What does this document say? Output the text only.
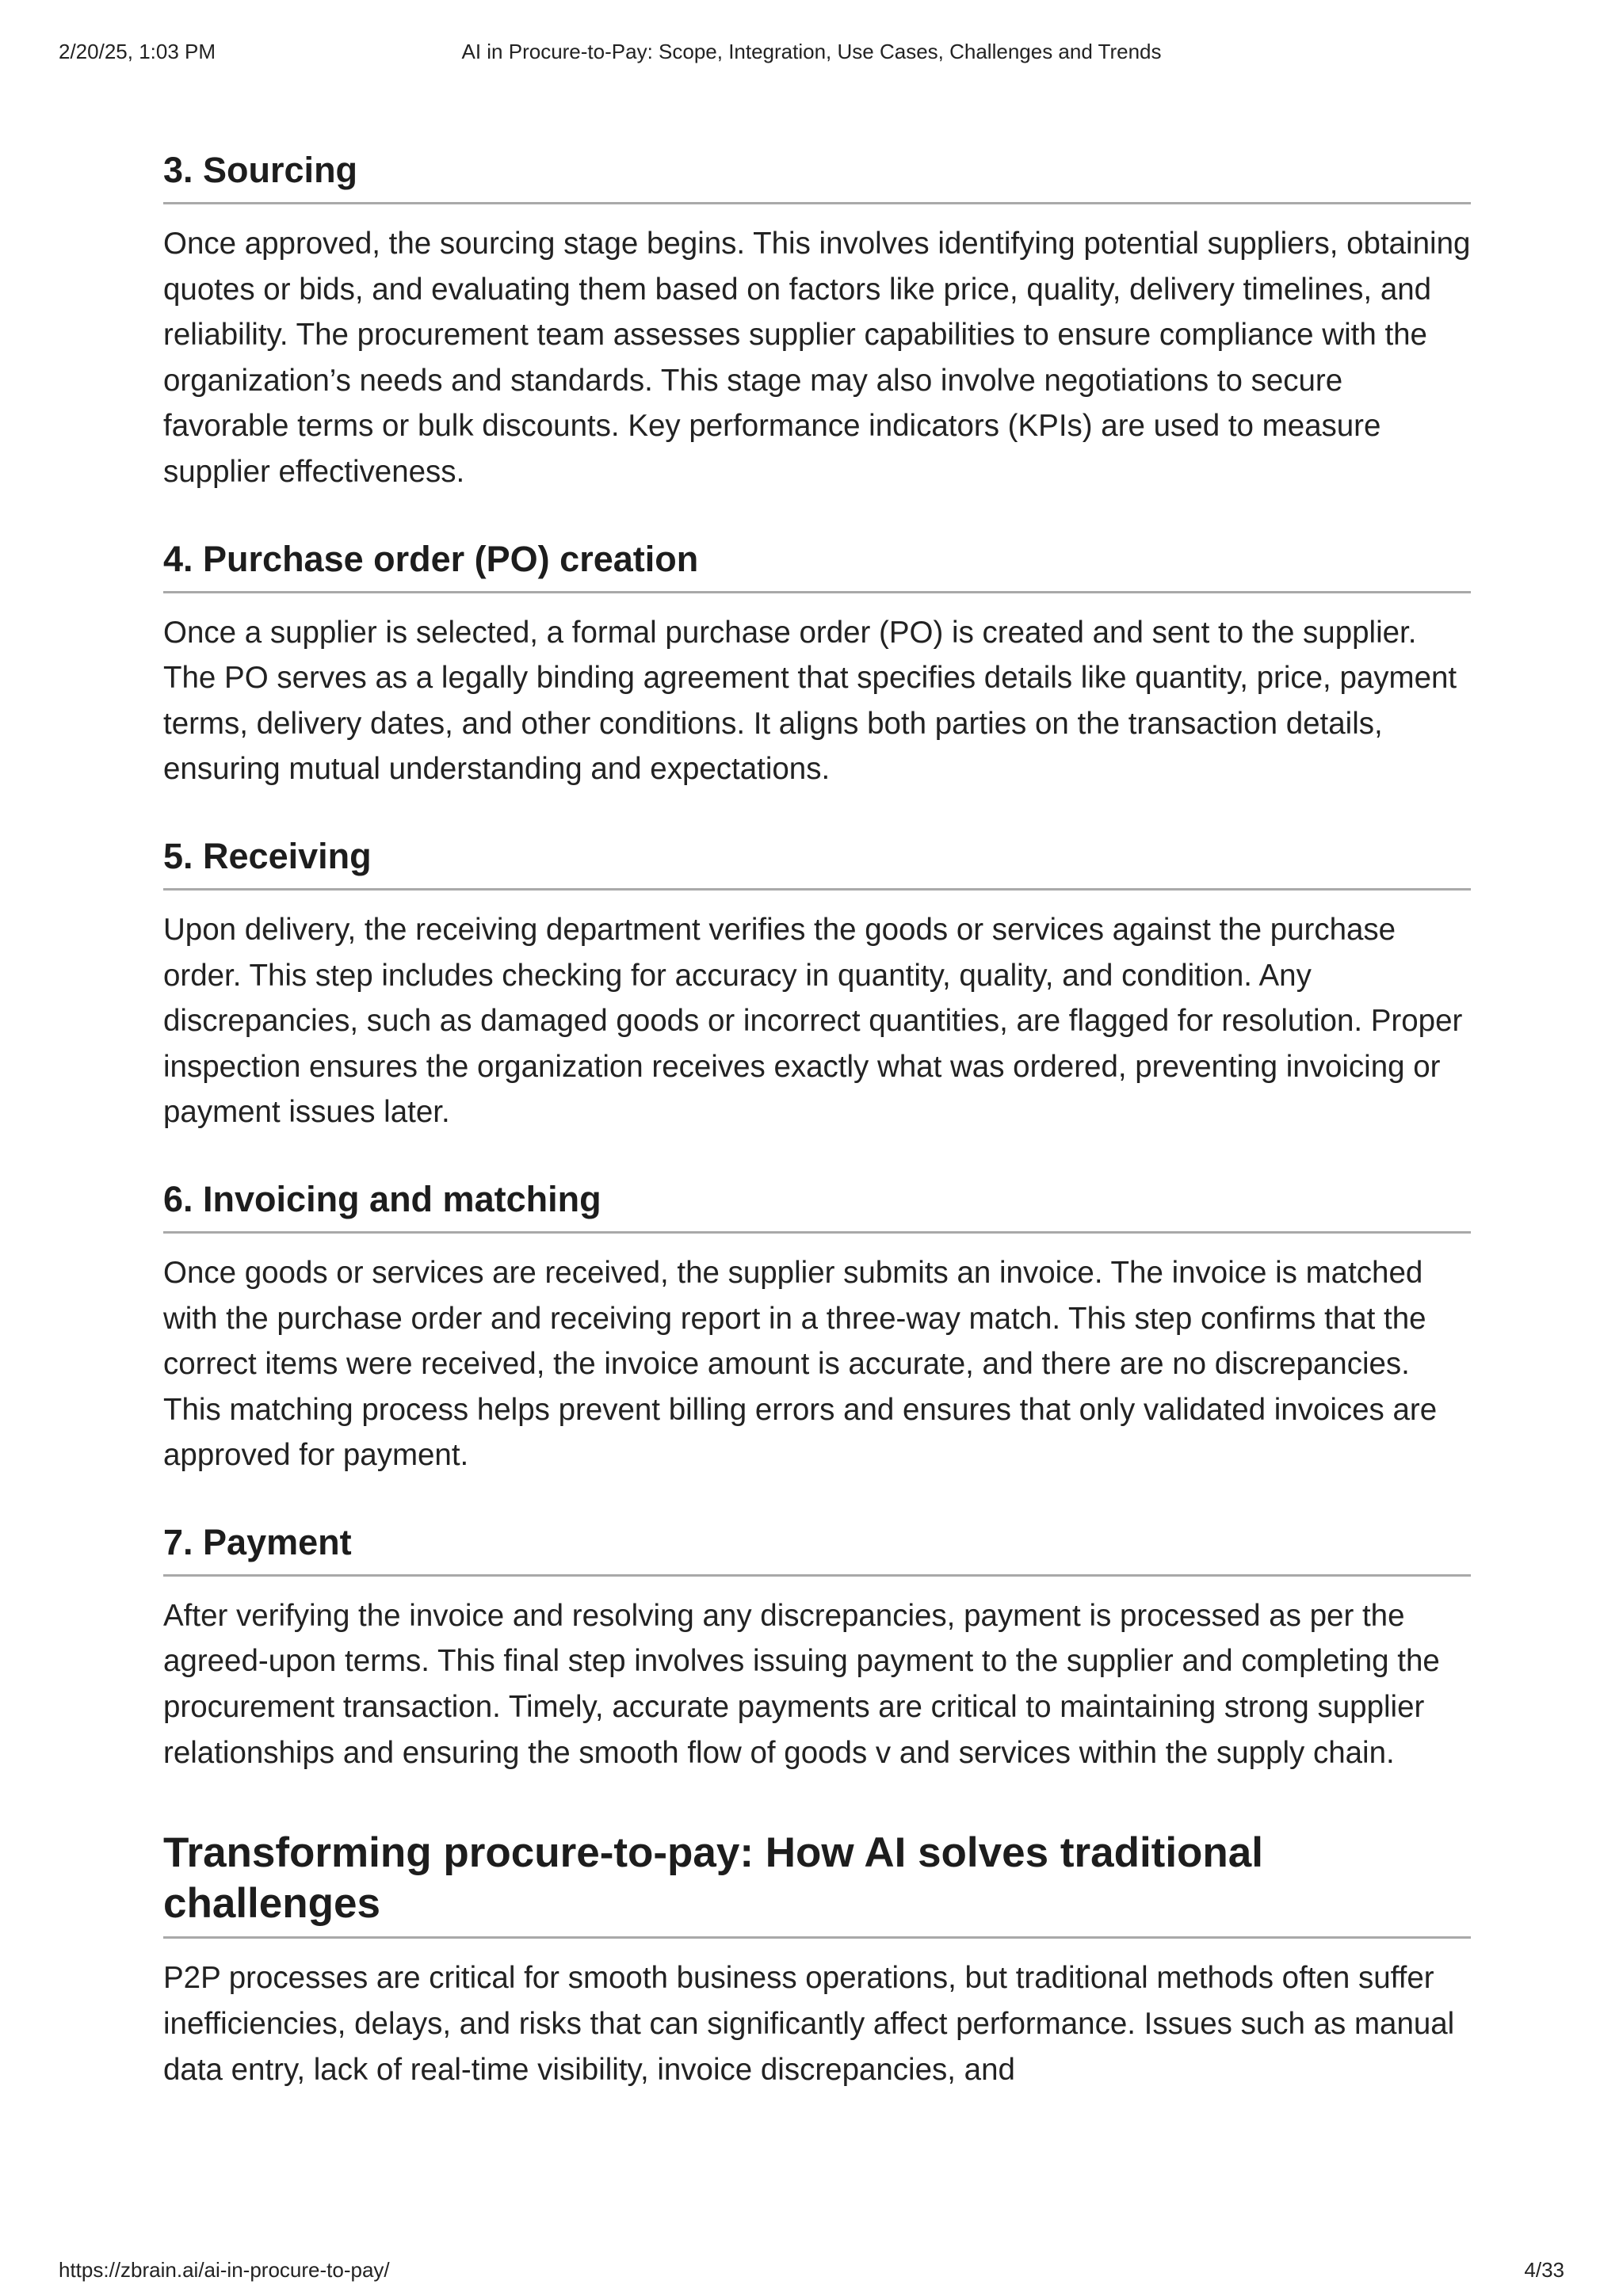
2/20/25, 1:03 PM	AI in Procure-to-Pay: Scope, Integration, Use Cases, Challenges and Trends
3. Sourcing

Once approved, the sourcing stage begins. This involves identifying potential suppliers, obtaining quotes or bids, and evaluating them based on factors like price, quality, delivery timelines, and reliability. The procurement team assesses supplier capabilities to ensure compliance with the organization’s needs and standards. This stage may also involve negotiations to secure favorable terms or bulk discounts. Key performance indicators (KPIs) are used to measure supplier effectiveness.

4. Purchase order (PO) creation

Once a supplier is selected, a formal purchase order (PO) is created and sent to the supplier. The PO serves as a legally binding agreement that specifies details like quantity, price, payment terms, delivery dates, and other conditions. It aligns both parties on the transaction details, ensuring mutual understanding and expectations.

5. Receiving

Upon delivery, the receiving department verifies the goods or services against the purchase order. This step includes checking for accuracy in quantity, quality, and condition. Any discrepancies, such as damaged goods or incorrect quantities, are flagged for resolution. Proper inspection ensures the organization receives exactly what was ordered, preventing invoicing or payment issues later.

6. Invoicing and matching

Once goods or services are received, the supplier submits an invoice. The invoice is matched with the purchase order and receiving report in a three-way match. This step confirms that the correct items were received, the invoice amount is accurate, and there are no discrepancies. This matching process helps prevent billing errors and ensures that only validated invoices are approved for payment.

7. Payment

After verifying the invoice and resolving any discrepancies, payment is processed as per the agreed-upon terms. This final step involves issuing payment to the supplier and completing the procurement transaction. Timely, accurate payments are critical to maintaining strong supplier relationships and ensuring the smooth flow of goods v and services within the supply chain.

Transforming procure-to-pay: How AI solves traditional challenges

P2P processes are critical for smooth business operations, but traditional methods often suffer inefficiencies, delays, and risks that can significantly affect performance. Issues such as manual data entry, lack of real-time visibility, invoice discrepancies, and

https://zbrain.ai/ai-in-procure-to-pay/	4/33
